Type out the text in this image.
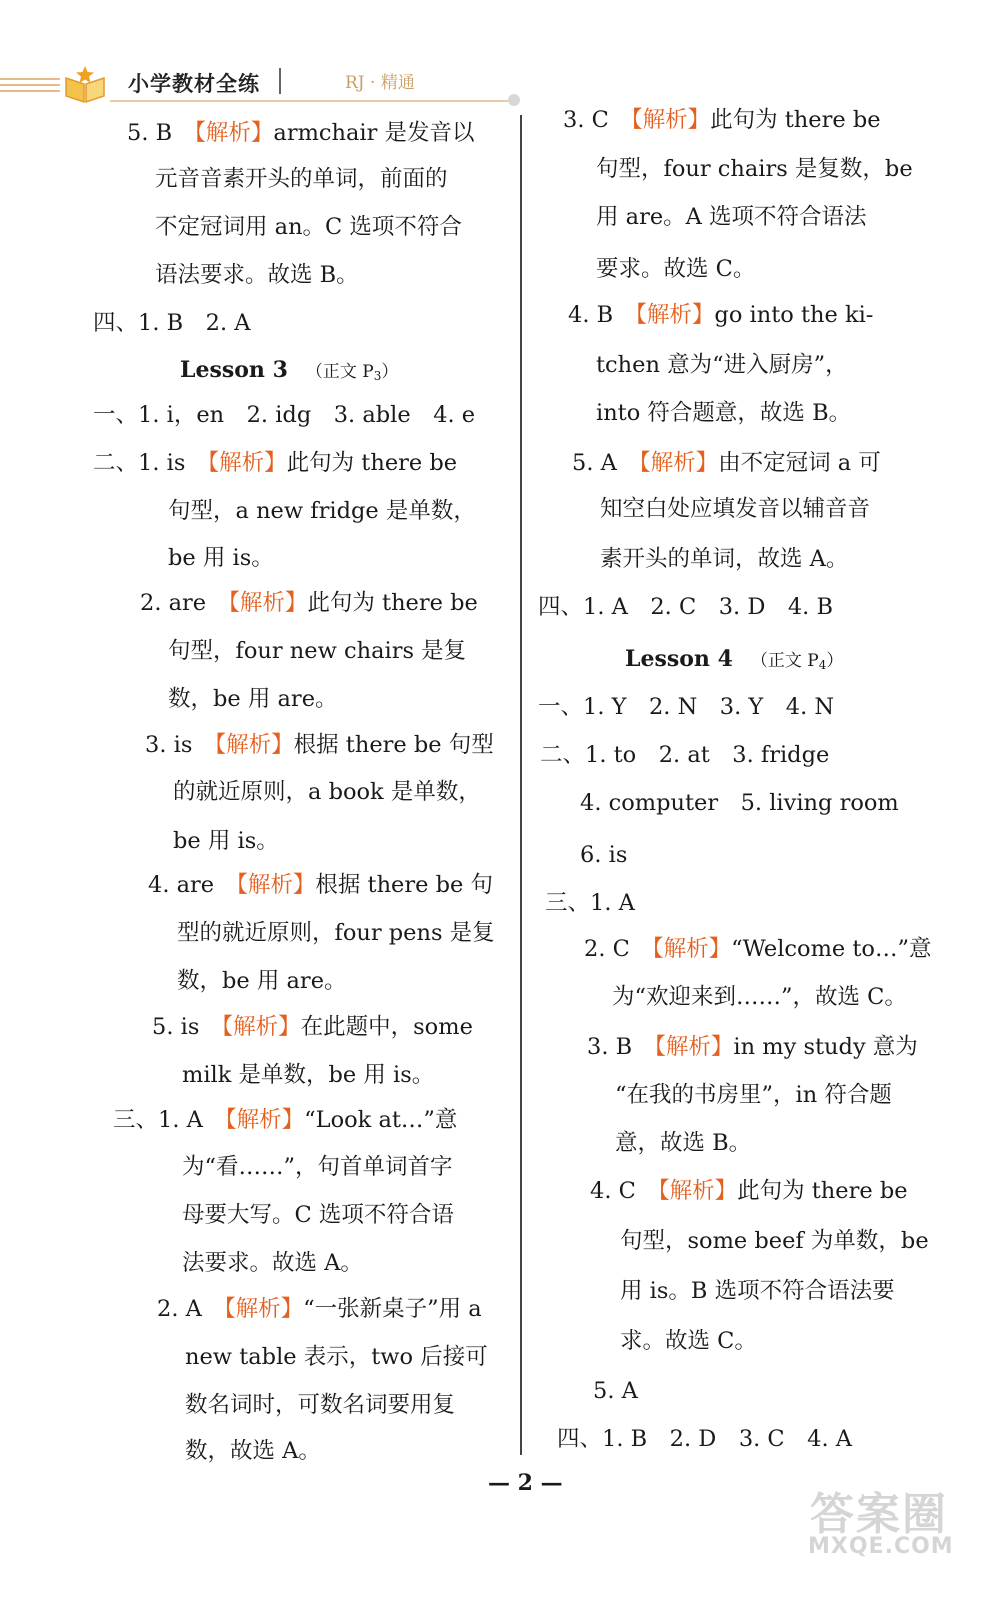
小学教材全练	RJ · 精通
5. B　【解析】armchair 是发音以
元音音素开头的单词，前面的
不定冠词用 an。C 选项不符合
语法要求。故选 B。
四、1. B　2. A
Lesson 3 （正文 $P_3$）
一、1. i，en　2. idg　3. able　4. e
二、1. is　【解析】此句为 there be
句型，a new fridge 是单数，
be 用 is。
2. are　【解析】此句为 there be
句型，four new chairs 是复
数，be 用 are。
3. is　【解析】根据 there be 句型
的就近原则，a book 是单数，
be 用 is。
4. are　【解析】根据 there be 句
型的就近原则，four pens 是复
数，be 用 are。
5. is　【解析】在此题中，some
milk 是单数，be 用 is。
三、1. A　【解析】“Look at…”意
为“看……”，句首单词首字
母要大写。C 选项不符合语
法要求。故选 A。
2. A　【解析】“一张新桌子”用 a
new table 表示，two 后接可
数名词时，可数名词要用复
数，故选 A。
3. C　【解析】此句为 there be
句型，four chairs 是复数，be
用 are。A 选项不符合语法
要求。故选 C。
4. B　【解析】go into the ki-
tchen 意为“进入厨房”，
into 符合题意，故选 B。
5. A　【解析】由不定冠词 a 可
知空白处应填发音以辅音音
素开头的单词，故选 A。
四、1. A　2. C　3. D　4. B
Lesson 4 （正文 $P_4$）
一、1. Y　2. N　3. Y　4. N
二、1. to　2. at　3. fridge
4. computer　5. living room
6. is
三、1. A
2. C　【解析】“Welcome to…”意
为“欢迎来到……”，故选 C。
3. B　【解析】in my study 意为
“在我的书房里”，in 符合题
意，故选 B。
4. C　【解析】此句为 there be
句型，some beef 为单数，be
用 is。B 选项不符合语法要
求。故选 C。
5. A
四、1. B　2. D　3. C　4. A
— 2 —
答案圈
MXQE.COM
